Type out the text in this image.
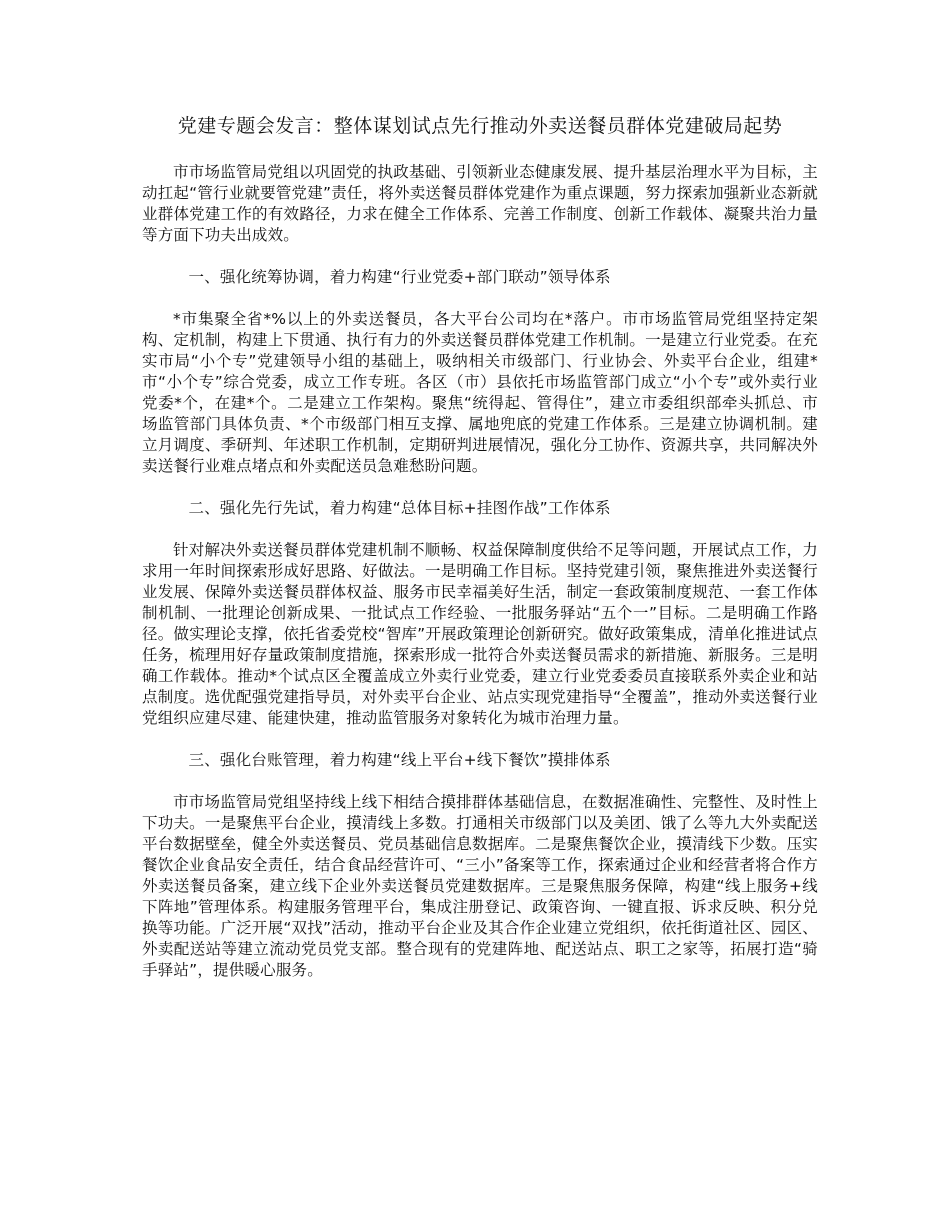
党建专题会发言：整体谋划试点先行推动外卖送餐员群体党建破局起势

市市场监管局党组以巩固党的执政基础、引领新业态健康发展、提升基层治理水平为目标，主动扛起“管行业就要管党建”责任，将外卖送餐员群体党建作为重点课题，努力探索加强新业态新就业群体党建工作的有效路径，力求在健全工作体系、完善工作制度、创新工作载体、凝聚共治力量等方面下功夫出成效。

一、强化统筹协调，着力构建“行业党委+部门联动”领导体系

*市集聚全省*%以上的外卖送餐员，各大平台公司均在*落户。市市场监管局党组坚持定架构、定机制，构建上下贯通、执行有力的外卖送餐员群体党建工作机制。一是建立行业党委。在充实市局“小个专”党建领导小组的基础上，吸纳相关市级部门、行业协会、外卖平台企业，组建*市“小个专”综合党委，成立工作专班。各区（市）县依托市场监管部门成立“小个专”或外卖行业党委*个，在建*个。二是建立工作架构。聚焦“统得起、管得住”，建立市委组织部牵头抓总、市场监管部门具体负责、*个市级部门相互支撑、属地兜底的党建工作体系。三是建立协调机制。建立月调度、季研判、年述职工作机制，定期研判进展情况，强化分工协作、资源共享，共同解决外卖送餐行业难点堵点和外卖配送员急难愁盼问题。

二、强化先行先试，着力构建“总体目标+挂图作战”工作体系

针对解决外卖送餐员群体党建机制不顺畅、权益保障制度供给不足等问题，开展试点工作，力求用一年时间探索形成好思路、好做法。一是明确工作目标。坚持党建引领，聚焦推进外卖送餐行业发展、保障外卖送餐员群体权益、服务市民幸福美好生活，制定一套政策制度规范、一套工作体制机制、一批理论创新成果、一批试点工作经验、一批服务驿站“五个一”目标。二是明确工作路径。做实理论支撑，依托省委党校“智库”开展政策理论创新研究。做好政策集成，清单化推进试点任务，梳理用好存量政策制度措施，探索形成一批符合外卖送餐员需求的新措施、新服务。三是明确工作载体。推动*个试点区全覆盖成立外卖行业党委，建立行业党委委员直接联系外卖企业和站点制度。选优配强党建指导员，对外卖平台企业、站点实现党建指导“全覆盖”，推动外卖送餐行业党组织应建尽建、能建快建，推动监管服务对象转化为城市治理力量。

三、强化台账管理，着力构建“线上平台+线下餐饮”摸排体系

市市场监管局党组坚持线上线下相结合摸排群体基础信息，在数据准确性、完整性、及时性上下功夫。一是聚焦平台企业，摸清线上多数。打通相关市级部门以及美团、饿了么等九大外卖配送平台数据壁垒，健全外卖送餐员、党员基础信息数据库。二是聚焦餐饮企业，摸清线下少数。压实餐饮企业食品安全责任，结合食品经营许可、“三小”备案等工作，探索通过企业和经营者将合作方外卖送餐员备案，建立线下企业外卖送餐员党建数据库。三是聚焦服务保障，构建“线上服务+线下阵地”管理体系。构建服务管理平台，集成注册登记、政策咨询、一键直报、诉求反映、积分兑换等功能。广泛开展“双找”活动，推动平台企业及其合作企业建立党组织，依托街道社区、园区、外卖配送站等建立流动党员党支部。整合现有的党建阵地、配送站点、职工之家等，拓展打造“骑手驿站”，提供暖心服务。
